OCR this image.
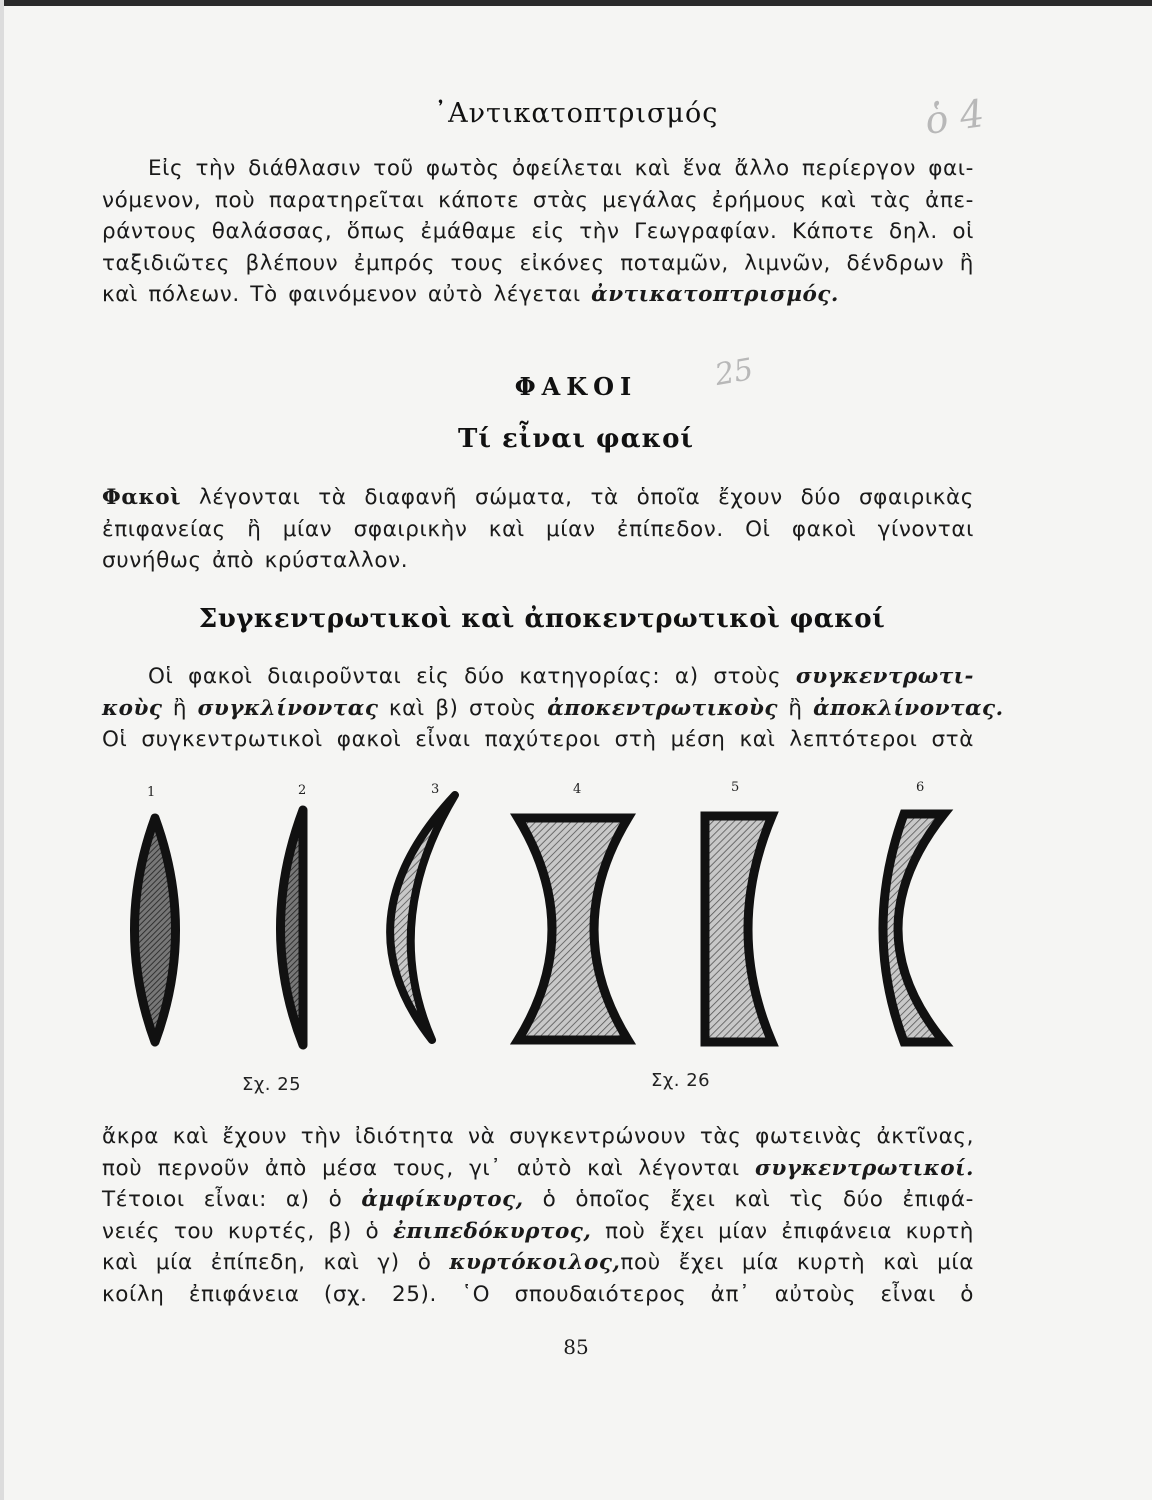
ὁ 4
25
᾿Αντικατοπτρισμός
Εἰς τὴν διάθλασιν τοῦ φωτὸς ὀφείλεται καὶ ἕνα ἄλλο περίεργον φαι-
νόμενον, ποὺ παρατηρεῖται κάποτε στὰς μεγάλας ἐρήμους καὶ τὰς ἀπε-
ράντους θαλάσσας, ὅπως ἐμάθαμε εἰς τὴν Γεωγραφίαν. Κάποτε δηλ. οἱ
ταξιδιῶτες βλέπουν ἐμπρός τους εἰκόνες ποταμῶν, λιμνῶν, δένδρων ἢ
καὶ πόλεων. Τὸ φαινόμενον αὐτὸ λέγεται ἀντικατοπτρισμός.
ΦΑΚΟΙ
Τί εἶναι φακοί
Φακοὶ λέγονται τὰ διαφανῆ σώματα, τὰ ὁποῖα ἔχουν δύο σφαιρικὰς
ἐπιφανείας ἢ μίαν σφαιρικὴν καὶ μίαν ἐπίπεδον. Οἱ φακοὶ γίνονται
συνήθως ἀπὸ κρύσταλλον.
Συγκεντρωτικοὶ καὶ ἀποκεντρωτικοὶ φακοί
Οἱ φακοὶ διαιροῦνται εἰς δύο κατηγορίας: α) στοὺς συγκεντρωτι-
κοὺς ἢ συγκλίνοντας καὶ β) στοὺς ἀποκεντρωτικοὺς ἢ ἀποκλίνοντας.
Οἱ συγκεντρωτικοὶ φακοὶ εἶναι παχύτεροι στὴ μέση καὶ λεπτότεροι στὰ
1	2	3	4	5	6
Σχ. 25	Σχ. 26
ἄκρα καὶ ἔχουν τὴν ἰδιότητα νὰ συγκεντρώνουν τὰς φωτεινὰς ἀκτῖνας,
ποὺ περνοῦν ἀπὸ μέσα τους, γι᾿ αὐτὸ καὶ λέγονται συγκεντρωτικοί.
Τέτοιοι εἶναι: α) ὁ ἀμφίκυρτος, ὁ ὁποῖος ἔχει καὶ τὶς δύο ἐπιφά-
νειές του κυρτές, β) ὁ ἐπιπεδόκυρτος, ποὺ ἔχει μίαν ἐπιφάνεια κυρτὴ
καὶ μία ἐπίπεδη, καὶ γ) ὁ κυρτόκοιλος,ποὺ ἔχει μία κυρτὴ καὶ μία
κοίλη ἐπιφάνεια (σχ. 25). ῾Ο σπουδαιότερος ἀπ᾿ αὐτοὺς εἶναι ὁ
85
